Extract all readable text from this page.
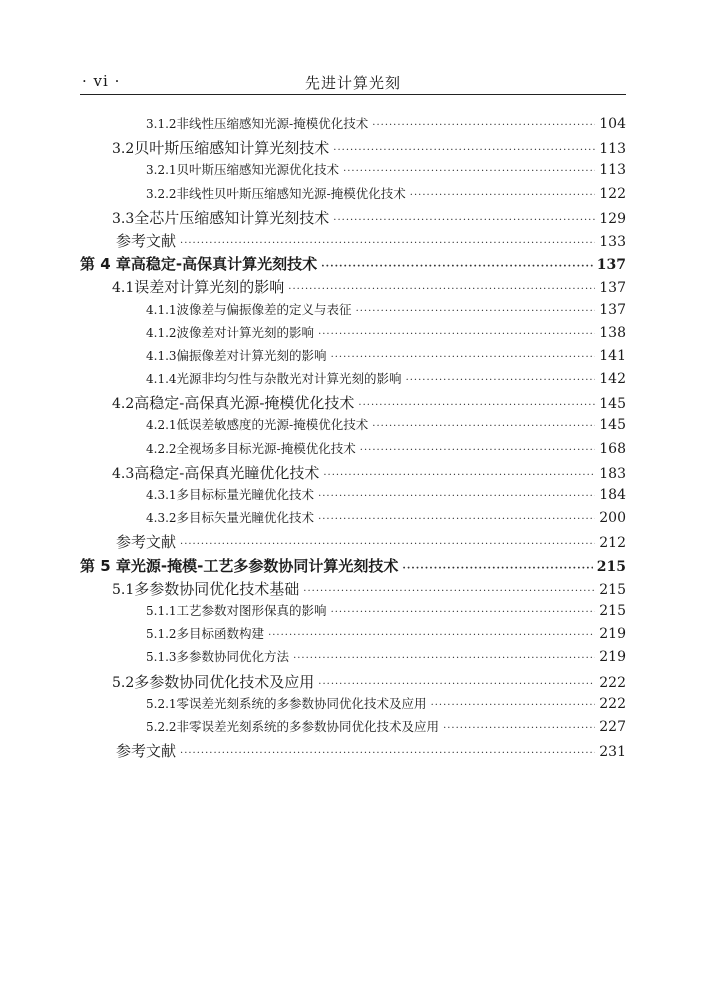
· vi ·	先进计算光刻
3.1.2 非线性压缩感知光源-掩模优化技术 ·····	104
3.2 贝叶斯压缩感知计算光刻技术 ·····	113
3.2.1 贝叶斯压缩感知光源优化技术 ·····	113
3.2.2 非线性贝叶斯压缩感知光源-掩模优化技术 ·····	122
3.3 全芯片压缩感知计算光刻技术 ·····	129
参考文献 ·····	133
第 4 章 高稳定-高保真计算光刻技术 ·····	137
4.1 误差对计算光刻的影响 ·····	137
4.1.1 波像差与偏振像差的定义与表征 ·····	137
4.1.2 波像差对计算光刻的影响 ·····	138
4.1.3 偏振像差对计算光刻的影响 ·····	141
4.1.4 光源非均匀性与杂散光对计算光刻的影响 ·····	142
4.2 高稳定-高保真光源-掩模优化技术 ·····	145
4.2.1 低误差敏感度的光源-掩模优化技术 ·····	145
4.2.2 全视场多目标光源-掩模优化技术 ·····	168
4.3 高稳定-高保真光瞳优化技术 ·····	183
4.3.1 多目标标量光瞳优化技术 ·····	184
4.3.2 多目标矢量光瞳优化技术 ·····	200
参考文献 ·····	212
第 5 章 光源-掩模-工艺多参数协同计算光刻技术 ·····	215
5.1 多参数协同优化技术基础 ·····	215
5.1.1 工艺参数对图形保真的影响 ·····	215
5.1.2 多目标函数构建 ·····	219
5.1.3 多参数协同优化方法 ·····	219
5.2 多参数协同优化技术及应用 ·····	222
5.2.1 零误差光刻系统的多参数协同优化技术及应用 ·····	222
5.2.2 非零误差光刻系统的多参数协同优化技术及应用 ·····	227
参考文献 ·····	231
